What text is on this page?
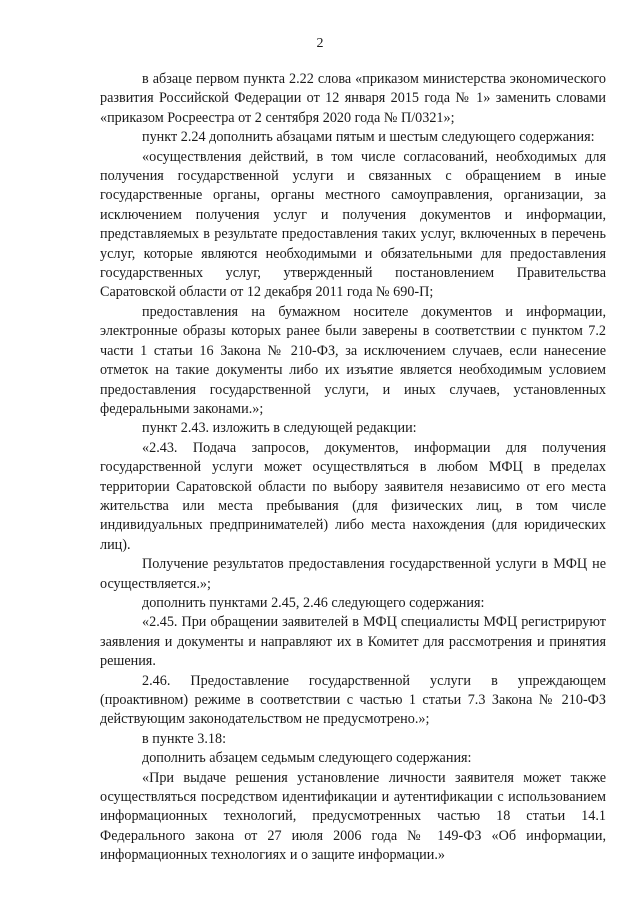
2

в абзаце первом пункта 2.22 слова «приказом министерства экономического развития Российской Федерации от 12 января 2015 года № 1» заменить словами «приказом Росреестра от 2 сентября 2020 года № П/0321»;

пункт 2.24 дополнить абзацами пятым и шестым следующего содержания:

«осуществления действий, в том числе согласований, необходимых для получения государственной услуги и связанных с обращением в иные государственные органы, органы местного самоуправления, организации, за исключением получения услуг и получения документов и информации, представляемых в результате предоставления таких услуг, включенных в перечень услуг, которые являются необходимыми и обязательными для предоставления государственных услуг, утвержденный постановлением Правительства Саратовской области от 12 декабря 2011 года № 690-П;

предоставления на бумажном носителе документов и информации, электронные образы которых ранее были заверены в соответствии с пунктом 7.2 части 1 статьи 16 Закона № 210-ФЗ, за исключением случаев, если нанесение отметок на такие документы либо их изъятие является необходимым условием предоставления государственной услуги, и иных случаев, установленных федеральными законами.»;

пункт 2.43. изложить в следующей редакции:

«2.43. Подача запросов, документов, информации для получения государственной услуги может осуществляться в любом МФЦ в пределах территории Саратовской области по выбору заявителя независимо от его места жительства или места пребывания (для физических лиц, в том числе индивидуальных предпринимателей) либо места нахождения (для юридических лиц).

Получение результатов предоставления государственной услуги в МФЦ не осуществляется.»;

дополнить пунктами 2.45, 2.46 следующего содержания:

«2.45. При обращении заявителей в МФЦ специалисты МФЦ регистрируют заявления и документы и направляют их в Комитет для рассмотрения и принятия решения.

2.46. Предоставление государственной услуги в упреждающем (проактивном) режиме в соответствии с частью 1 статьи 7.3 Закона № 210-ФЗ действующим законодательством не предусмотрено.»;

в пункте 3.18:

дополнить абзацем седьмым следующего содержания:

«При выдаче решения установление личности заявителя может также осуществляться посредством идентификации и аутентификации с использованием информационных технологий, предусмотренных частью 18 статьи 14.1 Федерального закона от 27 июля 2006 года № 149-ФЗ «Об информации, информационных технологиях и о защите информации.»
